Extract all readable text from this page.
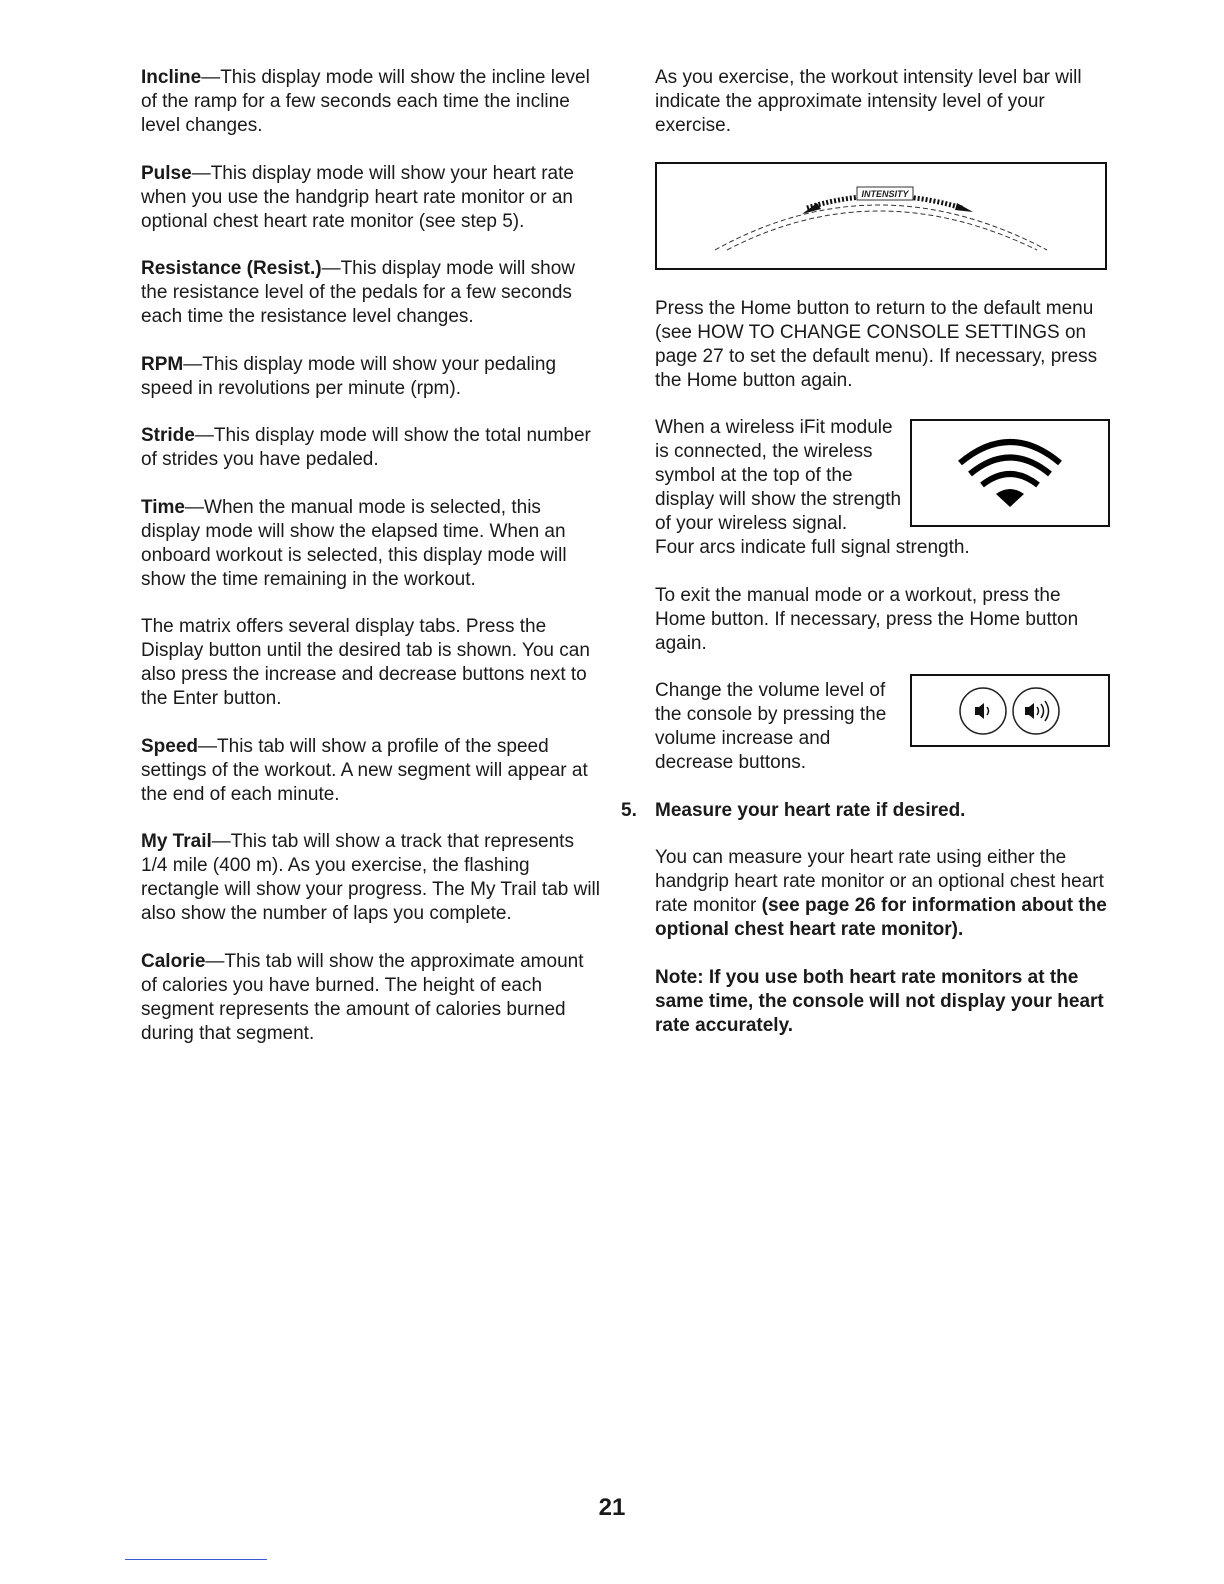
Incline—This display mode will show the incline level of the ramp for a few seconds each time the incline level changes.

Pulse—This display mode will show your heart rate when you use the handgrip heart rate monitor or an optional chest heart rate monitor (see step 5).

Resistance (Resist.)—This display mode will show the resistance level of the pedals for a few seconds each time the resistance level changes.

RPM—This display mode will show your pedaling speed in revolutions per minute (rpm).

Stride—This display mode will show the total number of strides you have pedaled.

Time—When the manual mode is selected, this display mode will show the elapsed time. When an onboard workout is selected, this display mode will show the time remaining in the workout.

The matrix offers several display tabs. Press the Display button until the desired tab is shown. You can also press the increase and decrease buttons next to the Enter button.

Speed—This tab will show a profile of the speed settings of the workout. A new segment will appear at the end of each minute.

My Trail—This tab will show a track that represents 1/4 mile (400 m). As you exercise, the flashing rectangle will show your progress. The My Trail tab will also show the number of laps you complete.

Calorie—This tab will show the approximate amount of calories you have burned. The height of each segment represents the amount of calories burned during that segment.

As you exercise, the workout intensity level bar will indicate the approximate intensity level of your exercise.

INTENSITY

Press the Home button to return to the default menu (see HOW TO CHANGE CONSOLE SETTINGS on page 27 to set the default menu). If necessary, press the Home button again.

When a wireless iFit module is connected, the wireless symbol at the top of the display will show the strength of your wireless signal.

Four arcs indicate full signal strength.

To exit the manual mode or a workout, press the Home button. If necessary, press the Home button again.

Change the volume level of the console by pressing the volume increase and decrease buttons.

5. Measure your heart rate if desired.

You can measure your heart rate using either the handgrip heart rate monitor or an optional chest heart rate monitor (see page 26 for information about the optional chest heart rate monitor).

Note: If you use both heart rate monitors at the same time, the console will not display your heart rate accurately.

21
